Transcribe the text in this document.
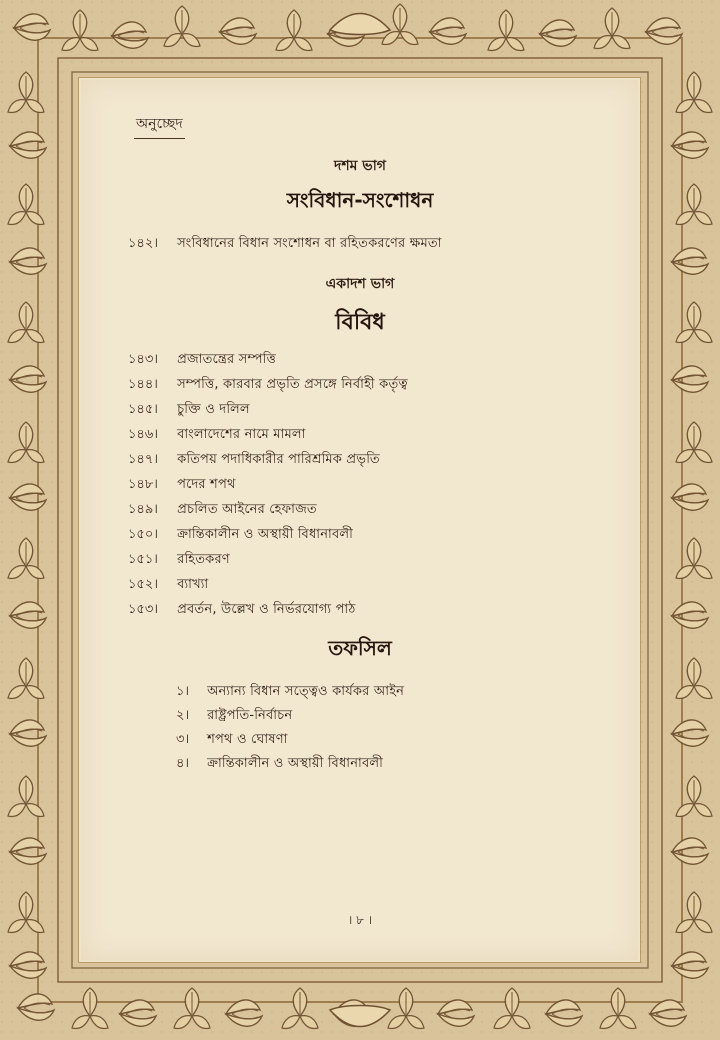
অনুচ্ছেদ
দশম ভাগ
সংবিধান-সংশোধন
১৪২। সংবিধানের বিধান সংশোধন বা রহিতকরণের ক্ষমতা
একাদশ ভাগ
বিবিধ
১৪৩। প্রজাতন্ত্রের সম্পত্তি
১৪৪। সম্পত্তি, কারবার প্রভৃতি প্রসঙ্গে নির্বাহী কর্তৃত্ব
১৪৫। চুক্তি ও দলিল
১৪৬। বাংলাদেশের নামে মামলা
১৪৭। কতিপয় পদাধিকারীর পারিশ্রমিক প্রভৃতি
১৪৮। পদের শপথ
১৪৯। প্রচলিত আইনের হেফাজত
১৫০। ক্রান্তিকালীন ও অস্থায়ী বিধানাবলী
১৫১। রহিতকরণ
১৫২। ব্যাখ্যা
১৫৩। প্রবর্তন, উল্লেখ ও নির্ভরযোগ্য পাঠ
তফসিল
১। অন্যান্য বিধান সত্ত্বেও কার্যকর আইন
২। রাষ্ট্রপতি-নির্বাচন
৩। শপথ ও ঘোষণা
৪। ক্রান্তিকালীন ও অস্থায়ী বিধানাবলী
। ৮ ।
